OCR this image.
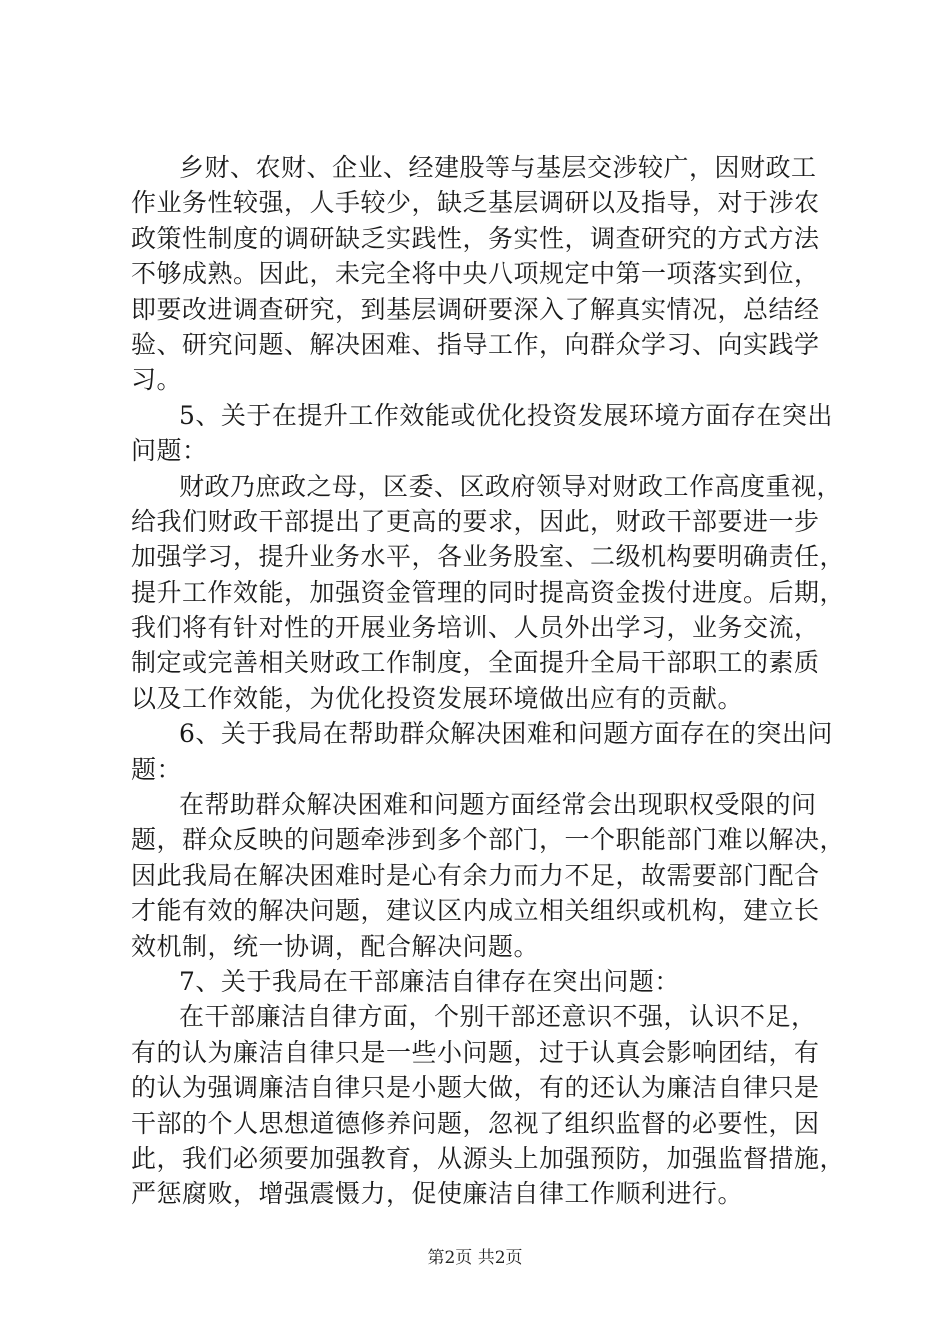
乡财、农财、企业、经建股等与基层交涉较广，因财政工
作业务性较强，人手较少，缺乏基层调研以及指导，对于涉农
政策性制度的调研缺乏实践性，务实性，调查研究的方式方法
不够成熟。因此，未完全将中央八项规定中第一项落实到位，
即要改进调查研究，到基层调研要深入了解真实情况，总结经
验、研究问题、解决困难、指导工作，向群众学习、向实践学
习。
5、关于在提升工作效能或优化投资发展环境方面存在突出
问题：
财政乃庶政之母，区委、区政府领导对财政工作高度重视，
给我们财政干部提出了更高的要求，因此，财政干部要进一步
加强学习，提升业务水平，各业务股室、二级机构要明确责任，
提升工作效能，加强资金管理的同时提高资金拨付进度。后期，
我们将有针对性的开展业务培训、人员外出学习，业务交流，
制定或完善相关财政工作制度，全面提升全局干部职工的素质
以及工作效能，为优化投资发展环境做出应有的贡献。
6、关于我局在帮助群众解决困难和问题方面存在的突出问
题：
在帮助群众解决困难和问题方面经常会出现职权受限的问
题，群众反映的问题牵涉到多个部门，一个职能部门难以解决，
因此我局在解决困难时是心有余力而力不足，故需要部门配合
才能有效的解决问题，建议区内成立相关组织或机构，建立长
效机制，统一协调，配合解决问题。
7、关于我局在干部廉洁自律存在突出问题：
在干部廉洁自律方面，个别干部还意识不强，认识不足，
有的认为廉洁自律只是一些小问题，过于认真会影响团结，有
的认为强调廉洁自律只是小题大做，有的还认为廉洁自律只是
干部的个人思想道德修养问题，忽视了组织监督的必要性，因
此，我们必须要加强教育，从源头上加强预防，加强监督措施，
严惩腐败，增强震慑力，促使廉洁自律工作顺利进行。
第2页 共2页
